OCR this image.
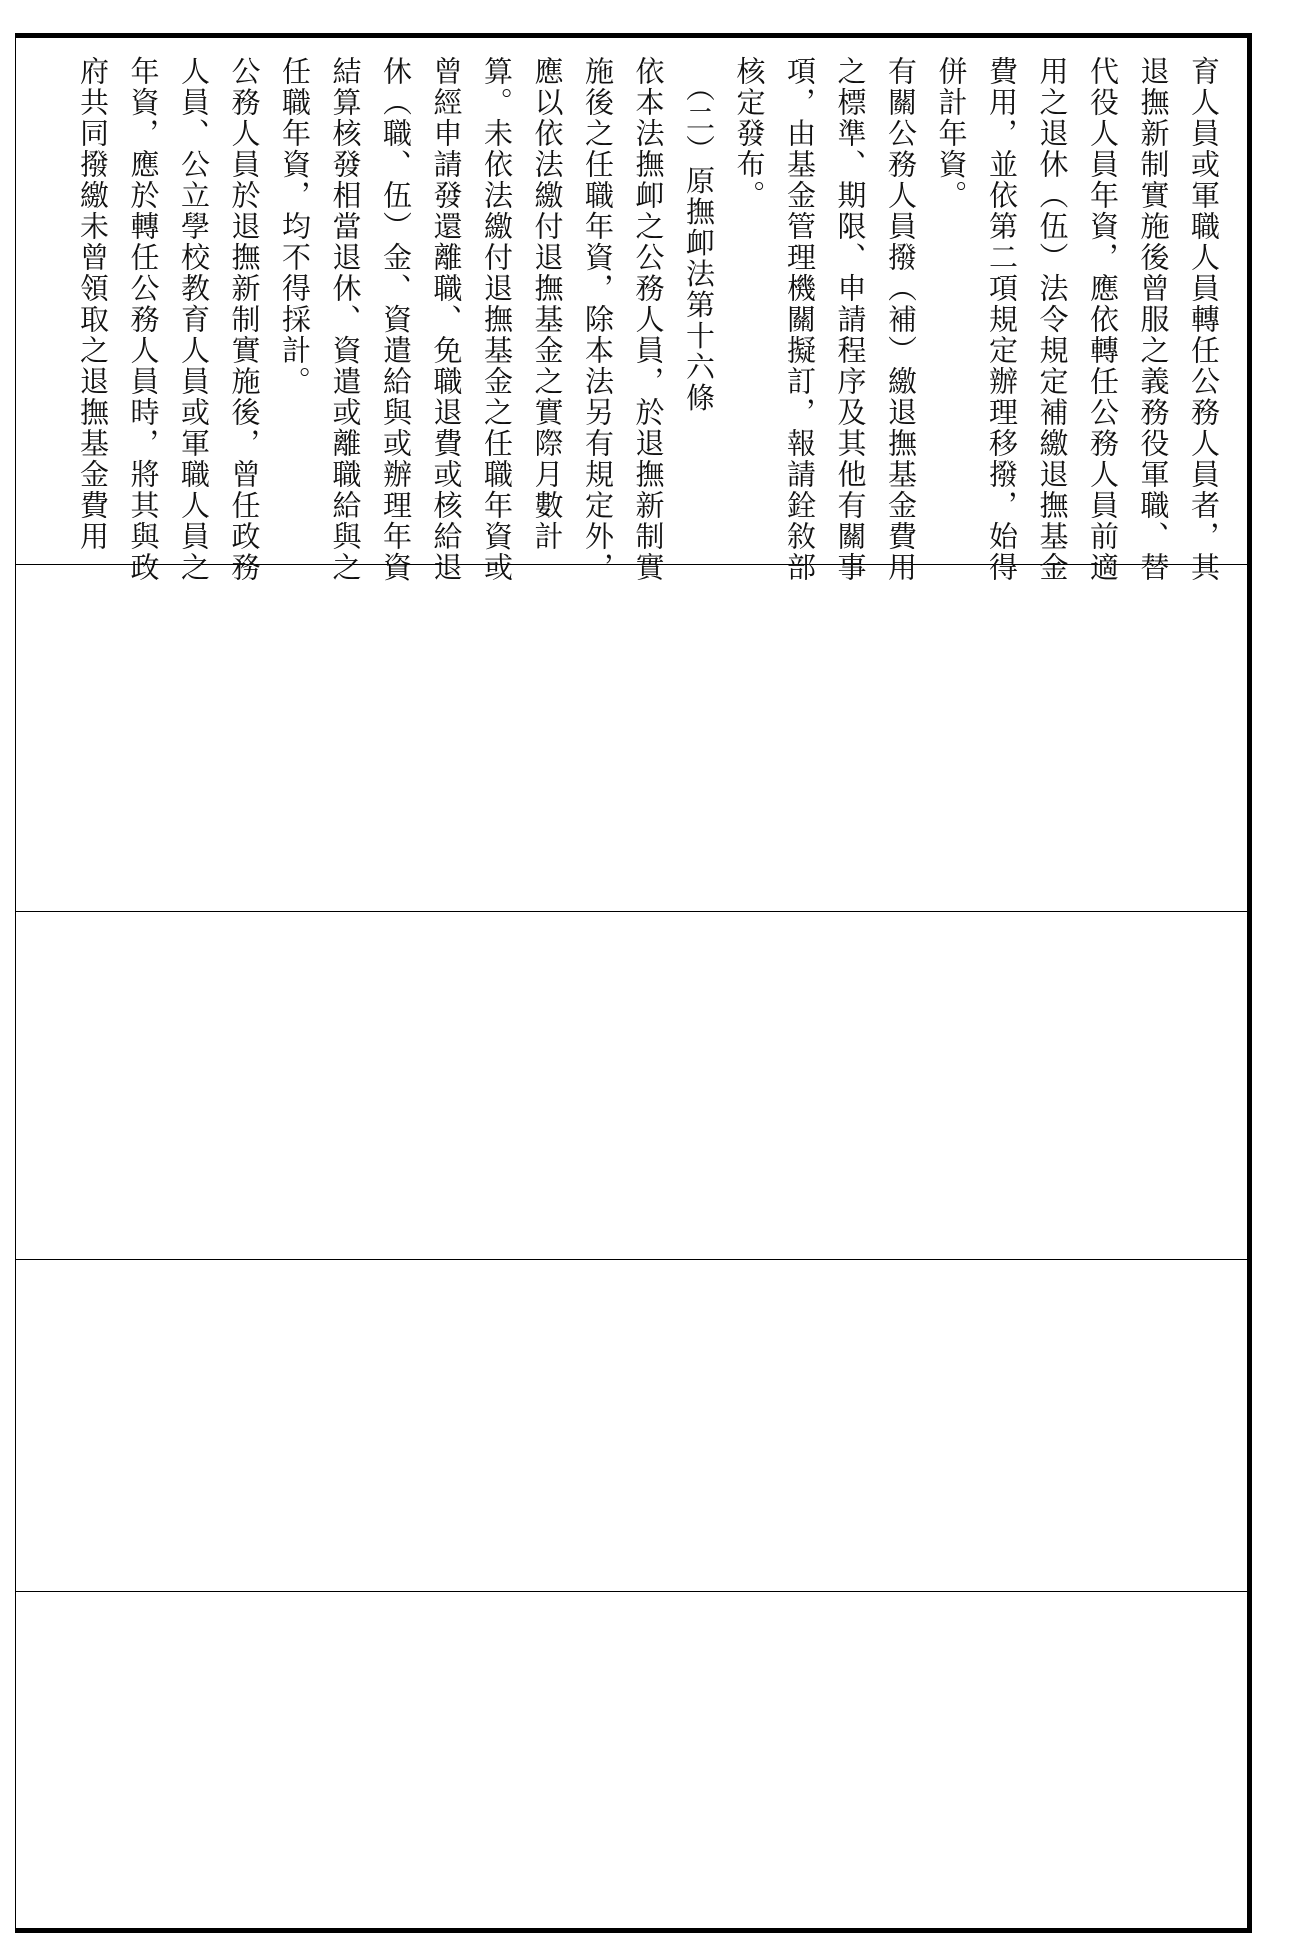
育人員或軍職人員轉任公務人員者，其
退撫新制實施後曾服之義務役軍職、替
代役人員年資，應依轉任公務人員前適
用之退休（伍）法令規定補繳退撫基金
費用，並依第二項規定辦理移撥，始得
併計年資。
有關公務人員撥（補）繳退撫基金費用
之標準、期限、申請程序及其他有關事
項，由基金管理機關擬訂，報請銓敘部
核定發布。
　（二）原撫卹法第十六條
依本法撫卹之公務人員，於退撫新制實
施後之任職年資，除本法另有規定外，
應以依法繳付退撫基金之實際月數計
算。未依法繳付退撫基金之任職年資或
曾經申請發還離職、免職退費或核給退
休（職、伍）金、資遣給與或辦理年資
結算核發相當退休、資遣或離職給與之
任職年資，均不得採計。
公務人員於退撫新制實施後，曾任政務
人員、公立學校教育人員或軍職人員之
年資，應於轉任公務人員時，將其與政
府共同撥繳未曾領取之退撫基金費用
